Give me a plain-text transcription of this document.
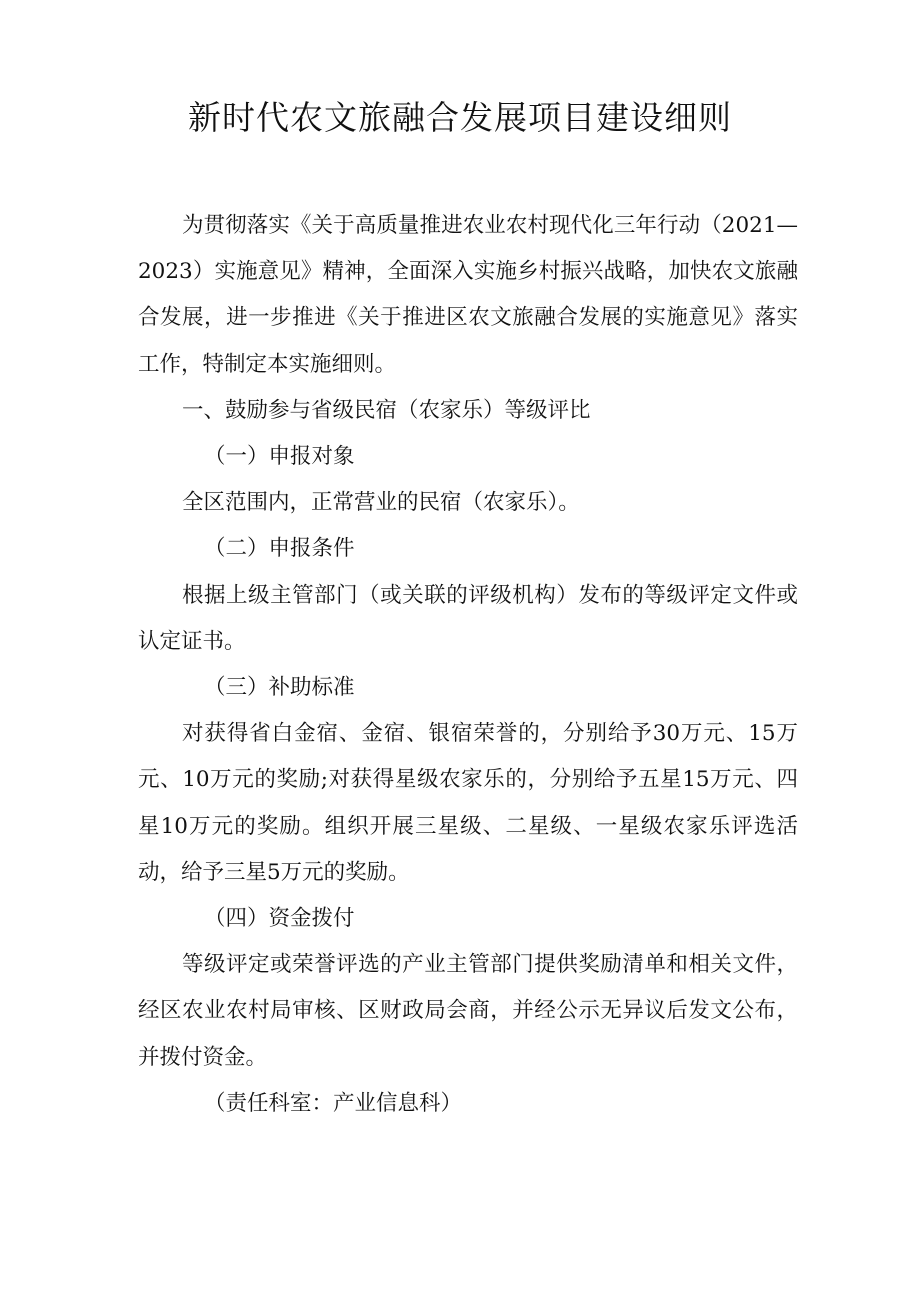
新时代农文旅融合发展项目建设细则

为贯彻落实《关于高质量推进农业农村现代化三年行动（2021—2023）实施意见》精神，全面深入实施乡村振兴战略，加快农文旅融合发展，进一步推进《关于推进区农文旅融合发展的实施意见》落实工作，特制定本实施细则。

一、鼓励参与省级民宿（农家乐）等级评比

（一）申报对象

全区范围内，正常营业的民宿（农家乐）。

（二）申报条件

根据上级主管部门（或关联的评级机构）发布的等级评定文件或认定证书。

（三）补助标准

对获得省白金宿、金宿、银宿荣誉的，分别给予30万元、15万元、10万元的奖励;对获得星级农家乐的，分别给予五星15万元、四星10万元的奖励。组织开展三星级、二星级、一星级农家乐评选活动，给予三星5万元的奖励。

（四）资金拨付

等级评定或荣誉评选的产业主管部门提供奖励清单和相关文件，经区农业农村局审核、区财政局会商，并经公示无异议后发文公布，并拨付资金。

（责任科室：产业信息科）
